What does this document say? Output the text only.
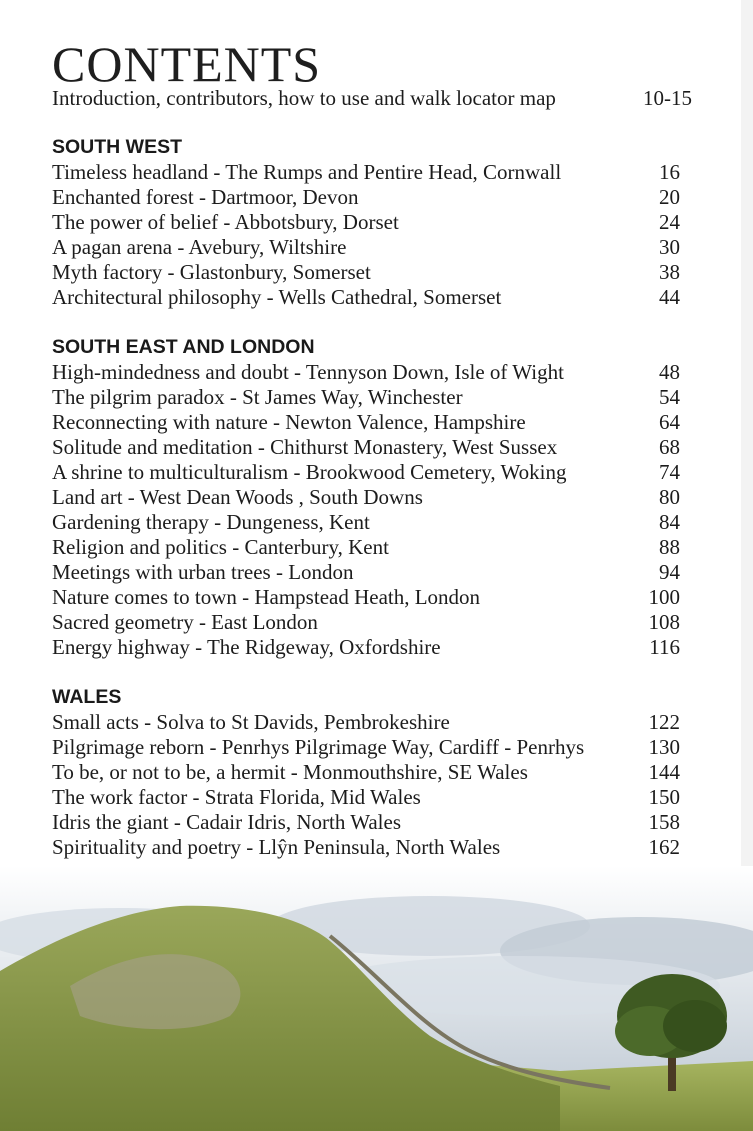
CONTENTS
Introduction, contributors, how to use and walk locator map	10-15
SOUTH WEST
Timeless headland - The Rumps and Pentire Head, Cornwall	16
Enchanted forest - Dartmoor, Devon	20
The power of belief - Abbotsbury, Dorset	24
A pagan arena - Avebury, Wiltshire	30
Myth factory - Glastonbury, Somerset	38
Architectural philosophy - Wells Cathedral, Somerset	44
SOUTH EAST AND LONDON
High-mindedness and doubt - Tennyson Down, Isle of Wight	48
The pilgrim paradox - St James Way, Winchester	54
Reconnecting with nature - Newton Valence, Hampshire	64
Solitude and meditation - Chithurst Monastery, West Sussex	68
A shrine to multiculturalism - Brookwood Cemetery, Woking	74
Land art - West Dean Woods , South Downs	80
Gardening therapy - Dungeness, Kent	84
Religion and politics - Canterbury, Kent	88
Meetings with urban trees - London	94
Nature comes to town - Hampstead Heath, London	100
Sacred geometry - East London	108
Energy highway - The Ridgeway, Oxfordshire	116
WALES
Small acts - Solva to St Davids, Pembrokeshire	122
Pilgrimage reborn - Penrhys Pilgrimage Way, Cardiff - Penrhys	130
To be, or not to be, a hermit - Monmouthshire, SE Wales	144
The work factor - Strata Florida, Mid Wales	150
Idris the giant - Cadair Idris, North Wales	158
Spirituality and poetry - Llŷn Peninsula, North Wales	162
